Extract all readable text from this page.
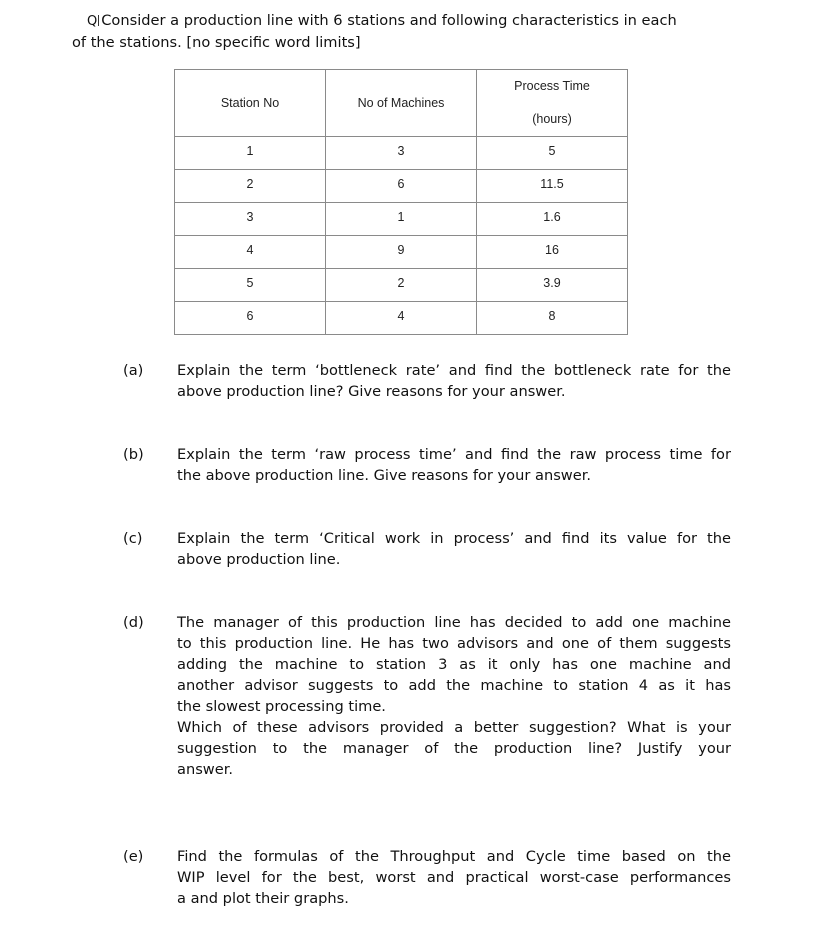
Q Consider a production line with 6 stations and following characteristics in each
of the stations. [no specific word limits]
Station No	No of Machines	Process Time
(hours)

1	3	5
2	6	11.5
3	1	1.6
4	9	16
5	2	3.9
6	4	8
(a) Explain the term ‘bottleneck rate’ and find the bottleneck rate for the
above production line? Give reasons for your answer.
(b) Explain the term ‘raw process time’ and find the raw process time for
the above production line. Give reasons for your answer.
(c) Explain the term ‘Critical work in process’ and find its value for the
above production line.
(d) The manager of this production line has decided to add one machine
to this production line. He has two advisors and one of them suggests
adding the machine to station 3 as it only has one machine and
another advisor suggests to add the machine to station 4 as it has
the slowest processing time.
Which of these advisors provided a better suggestion? What is your
suggestion to the manager of the production line? Justify your
answer.
(e) Find the formulas of the Throughput and Cycle time based on the
WIP level for the best, worst and practical worst-case performances
a and plot their graphs.
